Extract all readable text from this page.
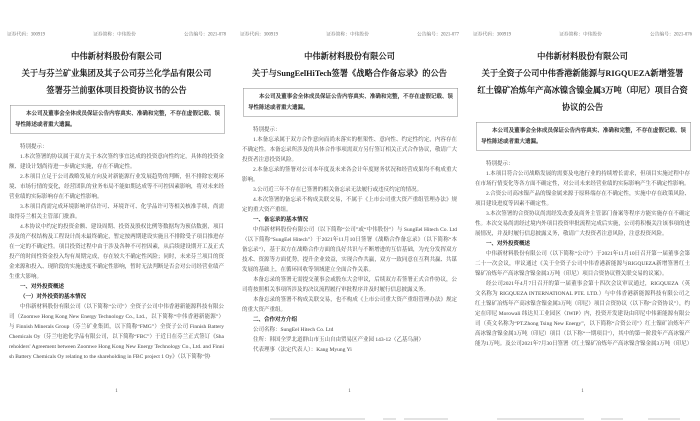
证券代码：300919	证券简称：中伟股份	公告编号：2021-078
中伟新材料股份有限公司
关于与芬兰矿业集团及其子公司芬兰化学品有限公司
签署芬兰前驱体项目投资协议书的公告
本公司及董事会全体成员保证公告内容真实、准确和完整，不存在虚假记载、误导性陈述或者重大遗漏。

特别提示：

1.本次签署的协议属于双方关于本次签约事宜达成的投资意向性约定，具体的投资金额、建设计划尚待进一步确定实施，存在不确定性。

2.本项目立足于公司战略发展方向及对新能源行业发展趋势的判断，但不排除宏观环境、市场行情的变化，经营团队的业务布局不能如期达成等不可控因素影响，将对未来经营业绩的实际影响存在不确定性影响。

3.本项目尚需完成环境影响评估许可、环境许可、化学品许可等相关核准手续，尚需取得芬兰相关主管部门批准。

4.本协议中约定的投资金额、建设周期、投资及股权比例等数据均为预估数据，项目涉及的产权结构及工程设计尚未最终确定，暂定按两期建设实施且不排除受子项目推进存在一定的不确定性。项目投资过程中由于涉及各种不可控因素，从后续建设期开工及正式投产的时间性资金投入均有周期完成，存在较大不确定性风险；同时，未来芬兰项目的资金来源和投入、现阶段的实施进度不确定性影响，暂时无法判断是否会对公司经营业绩产生重大影响。

一、对外投资概述

（一）对外投资的基本情况

中伟新材料股份有限公司（以下简称“公司”）全资子公司中伟香港新能源科技有限公司（Zoomwe Hong Kong New Energy Technology Co., Ltd.，以下简称“中伟香港新能源”）与 Finnish Minerals Group（芬兰矿业集团，以下简称“FMG”）全资子公司 Finnish Battery Chemicals Oy（芬兰电池化学品有限公司，以下简称“FBC”）于近日在芬兰正式签订《Shareholders' Agreement between Zoomwe Hong Kong New Energy Technology Co., Ltd. and Finnish Battery Chemicals Oy relating to the shareholding in FBC project 1 Oy》（以下简称“协

1
证券代码：300919	证券简称：中伟股份	公告编号：2021-077
中伟新材料股份有限公司
关于与SungEelHiTech签署《战略合作备忘录》的公告
本公司及董事会全体成员保证公告内容真实、准确和完整，不存在虚假记载、误导性陈述或者重大遗漏。

特别提示：

1.本备忘录属于双方合作意向而尚未落实的框架性、意向性、约定性约定，内容存在不确定性。本备忘录所涉及的具体合作事项需双方另行签订相关正式合作协议，敬请广大投资者注意投资风险。

2.本备忘录的签署对公司本年度及未来各会计年度财务状况和经营成果均不构成重大影响。

3.公司近三年不存在已签署的相关备忘录无法履行或违反约定的情况。

4.本次签署的备忘录不构成关联交易，不属于《上市公司重大资产重组管理办法》规定的重大资产重组。

一、备忘录的基本情况

中伟新材料股份有限公司（以下简称“公司”或“中伟股份”）与 SungEel Hitech Co. Ltd（以下简称“SungEel Hitech”）于2021年11月10日签署《战略合作备忘录》（以下简称“本备忘录”），基于双方在战略合作方面的良好共识与不断增进的互信基础，为充分发挥双方技术、资源等方面优势，提升企业效益，实现合作共赢，双方一致同意在互利共赢、共谋发展的基础上，在循环回收等领域建立全面合作关系。

本备忘录的签署无需提交董事会或股东大会审议，后续双方若签署正式合作协议，公司将按照相关事项所涉及的决议流程履行审批程序并及时履行信息披露义务。

本备忘录的签署不构成关联交易，也不构成《上市公司重大资产重组管理办法》规定的重大资产重组。

二、合作对方介绍

公司名称：SungEel Hitech Co. Ltd

住所：韩国全罗北道群山市玉山自由贸易区产业园 143-12（乙基乌洞）

代表理事（法定代表人）：Kang Myung Yi

1
证券代码：300919	证券简称：中伟股份	公告编号：2021-076
中伟新材料股份有限公司
关于全资子公司中伟香港新能源与RIGQUEZA新增签署
红土镍矿冶炼年产高冰镍含镍金属3万吨（印尼）项目合资
协议的公告
本公司及董事会全体成员保证公告内容真实、准确和完整，不存在虚假记载、误导性陈述或者重大遗漏。

特别提示：

1.本项目符合公司战略发展的需要及电池行业的持续增长需求，但项目实施过程中存在市场行情变化等各方面不确定性，对公司未来经营业绩的实际影响产生不确定性影响。

2.合资公司高冰镍产品的镍金属来源于原料端存在不确定性，实施中存在政策风险、项目建设进度等因素不确定性。

3.本次签署的合资协议尚需经发改委及商务主管部门备案等程序方能实施存在不确定性。本次交易尚需经过境内外项目投资审批流程完成后实施，公司将积极关注该事项的进展情况，并及时履行信息披露义务，敬请广大投资者注意风险，注意投资风险。

一、对外投资概述

中伟新材料股份有限公司（以下简称“公司”）于2021年11月10日召开第一届董事会第二十一次会议，审议通过《关于全资子公司中伟香港新能源与RIGQUEZA新增签署红土镍矿冶炼年产高冰镍含镍金属3万吨（印尼）项目合资协议暨关联交易的议案》。

经公司2021年4月7日召开的第一届董事会第十四次会议审议通过，RIGQUEZA（英文名称为 RIGQUEZA INTERNATIONAL PTE. LTD.）与中伟香港新能源科技有限公司之红土镍矿冶炼年产高冰镍含镍金属3万吨（印尼）项目合资协议（以下称“合资协议”），约定在印尼 Morowali 纬达贝工业园区（IWIP）内，投资开发建设由印尼中伟新能源有限公司（英文名称为“PT.Zhong Tsing New Energy”，以下简称“合资公司”）红土镍矿冶炼年产高冰镍含镍金属3万吨（印尼）项目（以下称“一期项目”），其中的第一阶段年产高冰镍产能为1万吨。及公司2021年7月30日签署《红土镍矿冶炼年产高冰镍含镍金属3万吨（印尼）

1
